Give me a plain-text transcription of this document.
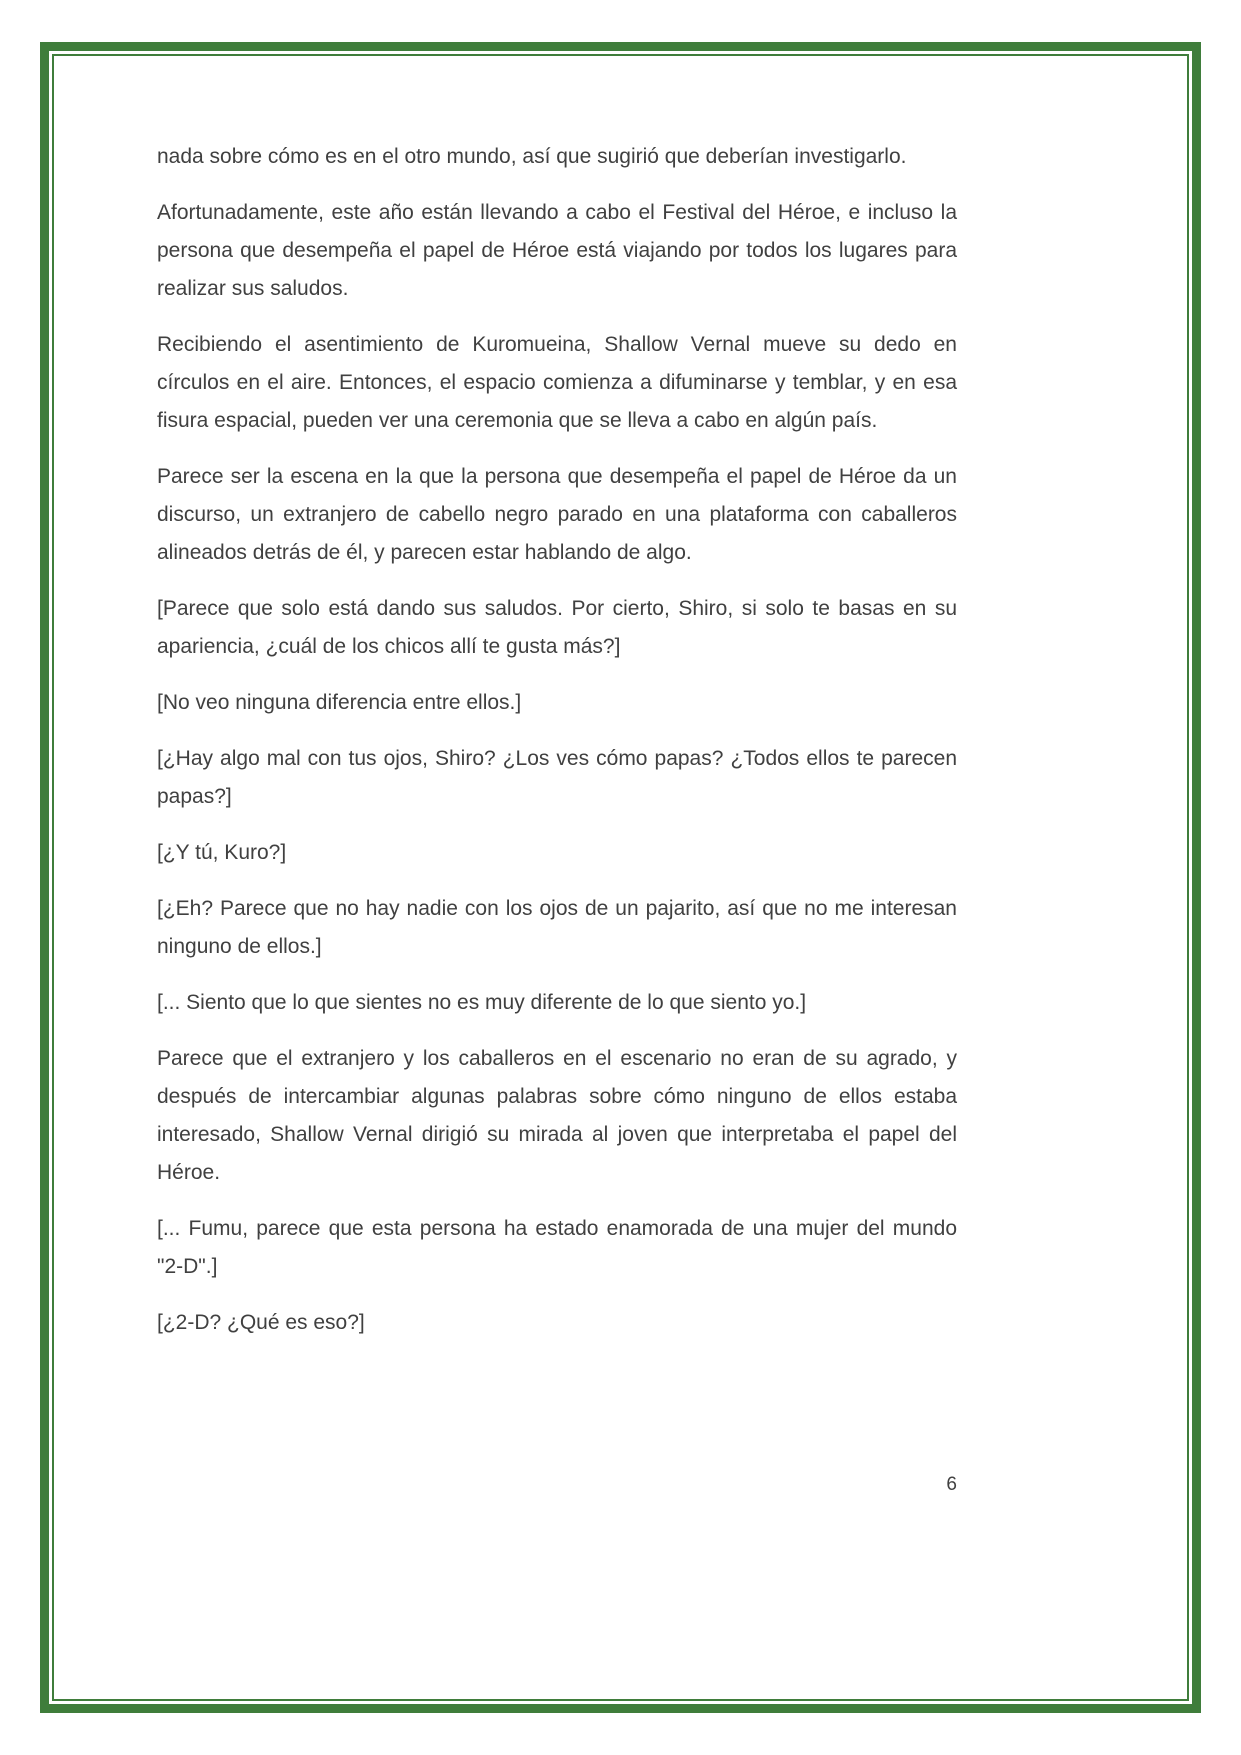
nada sobre cómo es en el otro mundo, así que sugirió que deberían investigarlo.

Afortunadamente, este año están llevando a cabo el Festival del Héroe, e incluso la persona que desempeña el papel de Héroe está viajando por todos los lugares para realizar sus saludos.

Recibiendo el asentimiento de Kuromueina, Shallow Vernal mueve su dedo en círculos en el aire. Entonces, el espacio comienza a difuminarse y temblar, y en esa fisura espacial, pueden ver una ceremonia que se lleva a cabo en algún país.

Parece ser la escena en la que la persona que desempeña el papel de Héroe da un discurso, un extranjero de cabello negro parado en una plataforma con caballeros alineados detrás de él, y parecen estar hablando de algo.

[Parece que solo está dando sus saludos. Por cierto, Shiro, si solo te basas en su apariencia, ¿cuál de los chicos allí te gusta más?]

[No veo ninguna diferencia entre ellos.]

[¿Hay algo mal con tus ojos, Shiro? ¿Los ves cómo papas? ¿Todos ellos te parecen papas?]

[¿Y tú, Kuro?]

[¿Eh? Parece que no hay nadie con los ojos de un pajarito, así que no me interesan ninguno de ellos.]

[... Siento que lo que sientes no es muy diferente de lo que siento yo.]

Parece que el extranjero y los caballeros en el escenario no eran de su agrado, y después de intercambiar algunas palabras sobre cómo ninguno de ellos estaba interesado, Shallow Vernal dirigió su mirada al joven que interpretaba el papel del Héroe.

[... Fumu, parece que esta persona ha estado enamorada de una mujer del mundo "2-D".]

[¿2-D? ¿Qué es eso?]

6
